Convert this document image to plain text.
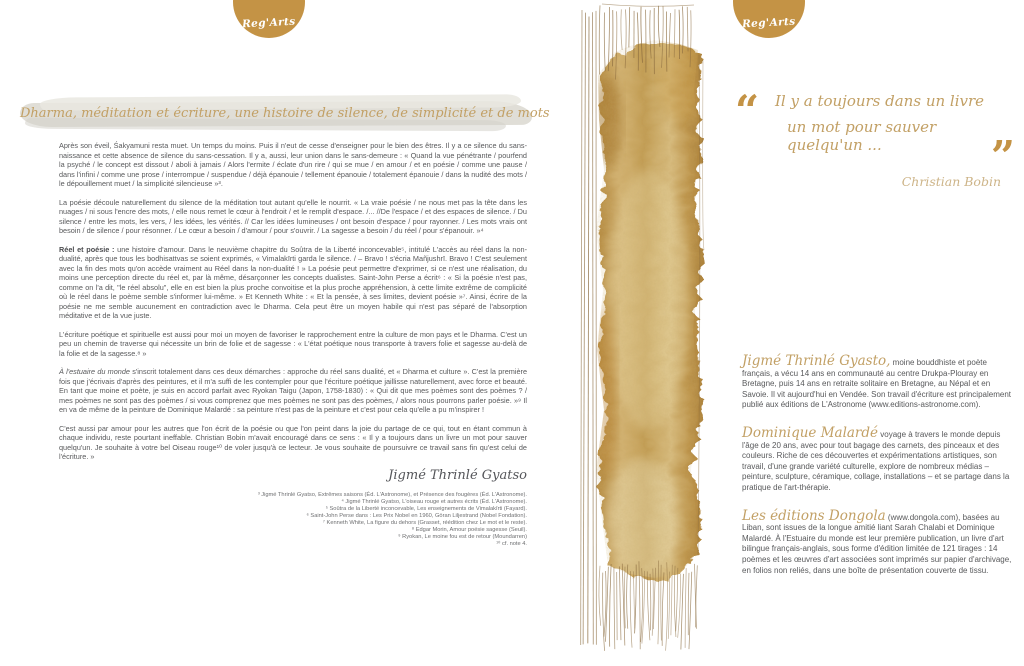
Reg'Arts
Dharma, méditation et écriture, une histoire de silence, de simplicité et de mots

Après son éveil, Śakyamuni resta muet. Un temps du moins. Puis il n'eut de cesse d'enseigner pour le bien des êtres. Il y a ce silence du sans-naissance et cette absence de silence du sans-cessation. Il y a, aussi, leur union dans le sans-demeure : « Quand la vue pénétrante / pourfend la psyché / le concept est dissout / aboli à jamais / Alors l'ermite / éclate d'un rire / qui se mue / en amour / et en poésie / comme une pause / dans l'infini / comme une prose / interrompue / suspendue / déjà épanouie / tellement épanouie / totalement épanouie / dans la nudité des mots / le dépouillement muet / la simplicité silencieuse »³.

La poésie découle naturellement du silence de la méditation tout autant qu'elle le nourrit. « La vraie poésie / ne nous met pas la tête dans les nuages / ni sous l'encre des mots, / elle nous remet le cœur à l'endroit / et le remplit d'espace. /... //De l'espace / et des espaces de silence. / Du silence / entre les mots, les vers, / les idées, les vérités. // Car les idées lumineuses / ont besoin d'espace / pour rayonner. / Les mots vrais ont besoin / de silence / pour résonner. / Le cœur a besoin / d'amour / pour s'ouvrir. / La sagesse a besoin / du réel / pour s'épanouir. »⁴

Réel et poésie : une histoire d'amour. Dans le neuvième chapitre du Soûtra de la Liberté inconcevable⁵, intitulé L'accès au réel dans la non-dualité, après que tous les bodhisattvas se soient exprimés, « Vimalakīrti garda le silence. / – Bravo ! s'écria Mañjushrī. Bravo ! C'est seulement avec la fin des mots qu'on accède vraiment au Réel dans la non-dualité ! » La poésie peut permettre d'exprimer, si ce n'est une réalisation, du moins une perception directe du réel et, par là même, désarçonner les concepts dualistes. Saint-John Perse a écrit⁶ : « Si la poésie n'est pas, comme on l'a dit, "le réel absolu", elle en est bien la plus proche convoitise et la plus proche appréhension, à cette limite extrême de complicité où le réel dans le poème semble s'informer lui-même. » Et Kenneth White : « Et la pensée, à ses limites, devient poésie »⁷. Ainsi, écrire de la poésie ne me semble aucunement en contradiction avec le Dharma. Cela peut être un moyen habile qui n'est pas séparé de l'absorption méditative et de la vue juste.

L'écriture poétique et spirituelle est aussi pour moi un moyen de favoriser le rapprochement entre la culture de mon pays et le Dharma. C'est un peu un chemin de traverse qui nécessite un brin de folie et de sagesse : « L'état poétique nous transporte à travers folie et sagesse au-delà de la folie et de la sagesse.⁸ »

À l'estuaire du monde s'inscrit totalement dans ces deux démarches : approche du réel sans dualité, et « Dharma et culture ». C'est la première fois que j'écrivais d'après des peintures, et il m'a suffi de les contempler pour que l'écriture poétique jaillisse naturellement, avec force et beauté. En tant que moine et poète, je suis en accord parfait avec Ryokan Taigu (Japon, 1758-1830) : « Qui dit que mes poèmes sont des poèmes ? / mes poèmes ne sont pas des poèmes / si vous comprenez que mes poèmes ne sont pas des poèmes, / alors nous pourrons parler poésie. »⁹ Il en va de même de la peinture de Dominique Malardé : sa peinture n'est pas de la peinture et c'est pour cela qu'elle a pu m'inspirer !

C'est aussi par amour pour les autres que l'on écrit de la poésie ou que l'on peint dans la joie du partage de ce qui, tout en étant commun à chaque individu, reste pourtant ineffable. Christian Bobin m'avait encouragé dans ce sens : « Il y a toujours dans un livre un mot pour sauver quelqu'un. Je souhaite à votre bel Oiseau rouge¹⁰ de voler jusqu'à ce lecteur. Je vous souhaite de poursuivre ce travail sans fin qu'est celui de l'écriture. »

Jigmé Thrinlé Gyatso
³ Jigmé Thrinlé Gyatso, Extrêmes saisons (Éd. L'Astronome), et Présence des fougères (Éd. L'Astronome).
⁴ Jigmé Thrinlé Gyatso, L'oiseau rouge et autres écrits (Éd. L'Astronome).
⁵ Soûtra de la Liberté inconcevable, Les enseignements de Vimalakīrti (Fayard).
⁶ Saint-John Perse dans : Les Prix Nobel en 1960, Göran Liljestrand (Nobel Fondation).
⁷ Kenneth White, La figure du dehors (Grasset, réédition chez Le mot et le reste).
⁸ Edgar Morin, Amour poésie sagesse (Seuil).
⁹ Ryokan, Le moine fou est de retour (Moundarren)
¹⁰ cf. note 4.
Reg'Arts
“ Il y a toujours dans un livre
un mot pour sauver quelqu'un ...	”
Christian Bobin

Jigmé Thrinlé Gyasto, moine bouddhiste et poète français, a vécu 14 ans en communauté au centre Drukpa-Plouray en Bretagne, puis 14 ans en retraite solitaire en Bretagne, au Népal et en Savoie. Il vit aujourd'hui en Vendée. Son travail d'écriture est principalement publié aux éditions de L'Astronome (www.editions-astronome.com).

Dominique Malardé voyage à travers le monde depuis l'âge de 20 ans, avec pour tout bagage des carnets, des pinceaux et des couleurs. Riche de ces découvertes et expérimentations artistiques, son travail, d'une grande variété culturelle, explore de nombreux médias – peinture, sculpture, céramique, collage, installations – et se partage dans la pratique de l'art-thérapie.

Les éditions Dongola (www.dongola.com), basées au Liban, sont issues de la longue amitié liant Sarah Chalabi et Dominique Malardé. À l'Estuaire du monde est leur première publication, un livre d'art bilingue français-anglais, sous forme d'édition limitée de 121 tirages : 14 poèmes et les œuvres d'art associées sont imprimés sur papier d'archivage, en folios non reliés, dans une boîte de présentation couverte de tissu.
